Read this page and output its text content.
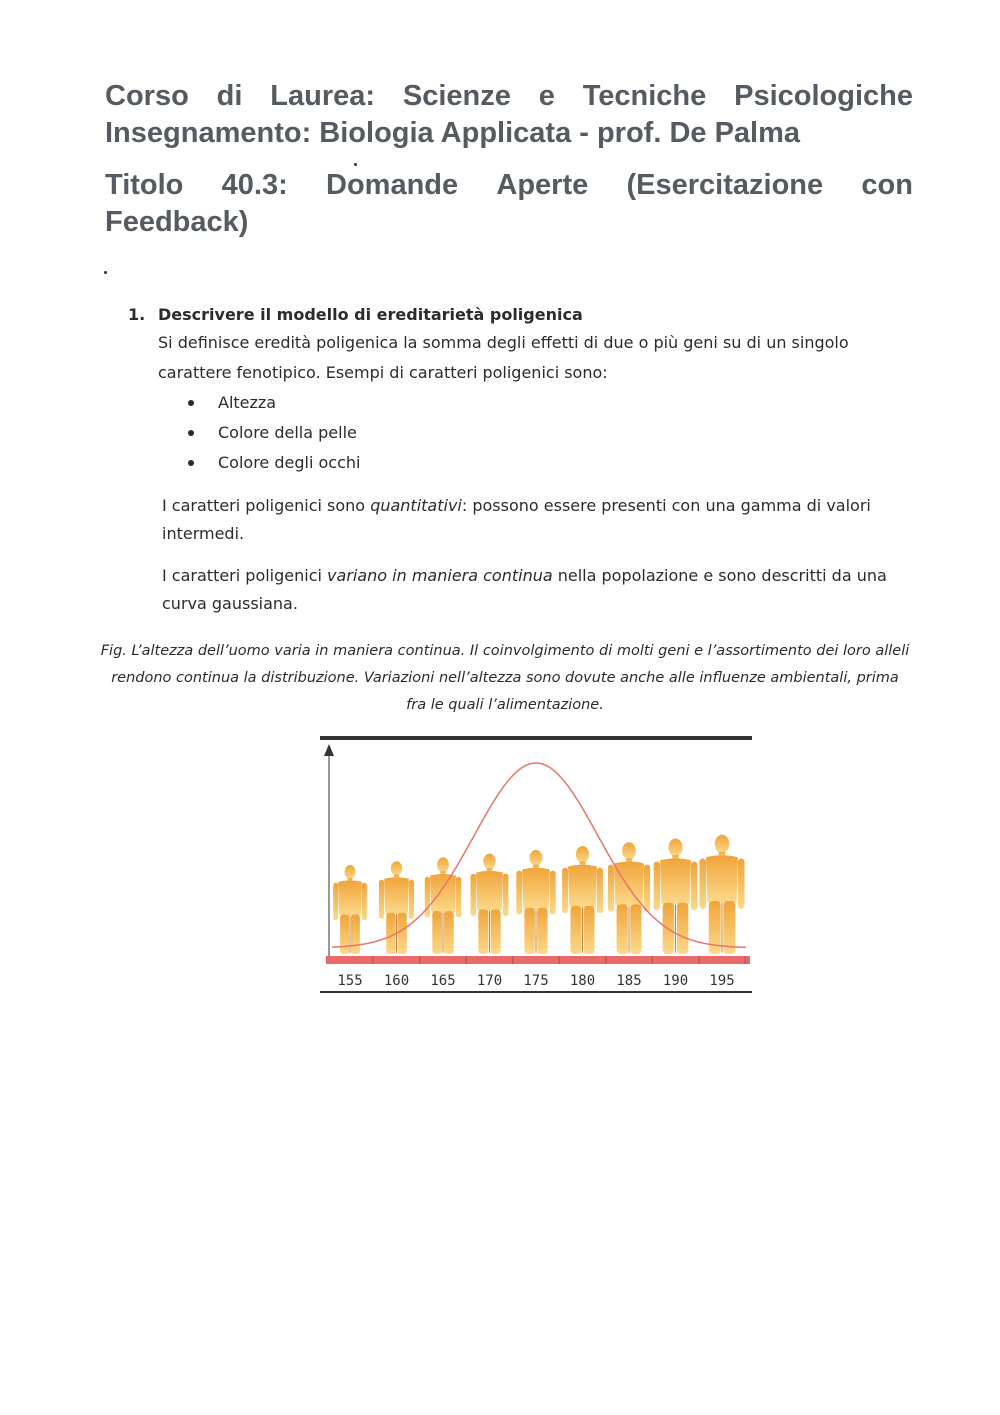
Corso di Laurea: Scienze e Tecniche Psicologiche

Insegnamento: Biologia Applicata - prof. De Palma

Titolo 40.3: Domande Aperte (Esercitazione con

Feedback)

1. Descrivere il modello di ereditarietà poligenica
Si definisce eredità poligenica la somma degli effetti di due o più geni su di un singolo carattere fenotipico. Esempi di caratteri poligenici sono:
Altezza
Colore della pelle
Colore degli occhi
I caratteri poligenici sono quantitativi: possono essere presenti con una gamma di valori intermedi.
I caratteri poligenici variano in maniera continua nella popolazione e sono descritti da una curva gaussiana.
Fig. L’altezza dell’uomo varia in maniera continua. Il coinvolgimento di molti geni e l’assortimento dei loro alleli rendono continua la distribuzione. Variazioni nell’altezza sono dovute anche alle influenze ambientali, prima fra le quali l’alimentazione.
155 160 165 170 175 180 185 190 195
